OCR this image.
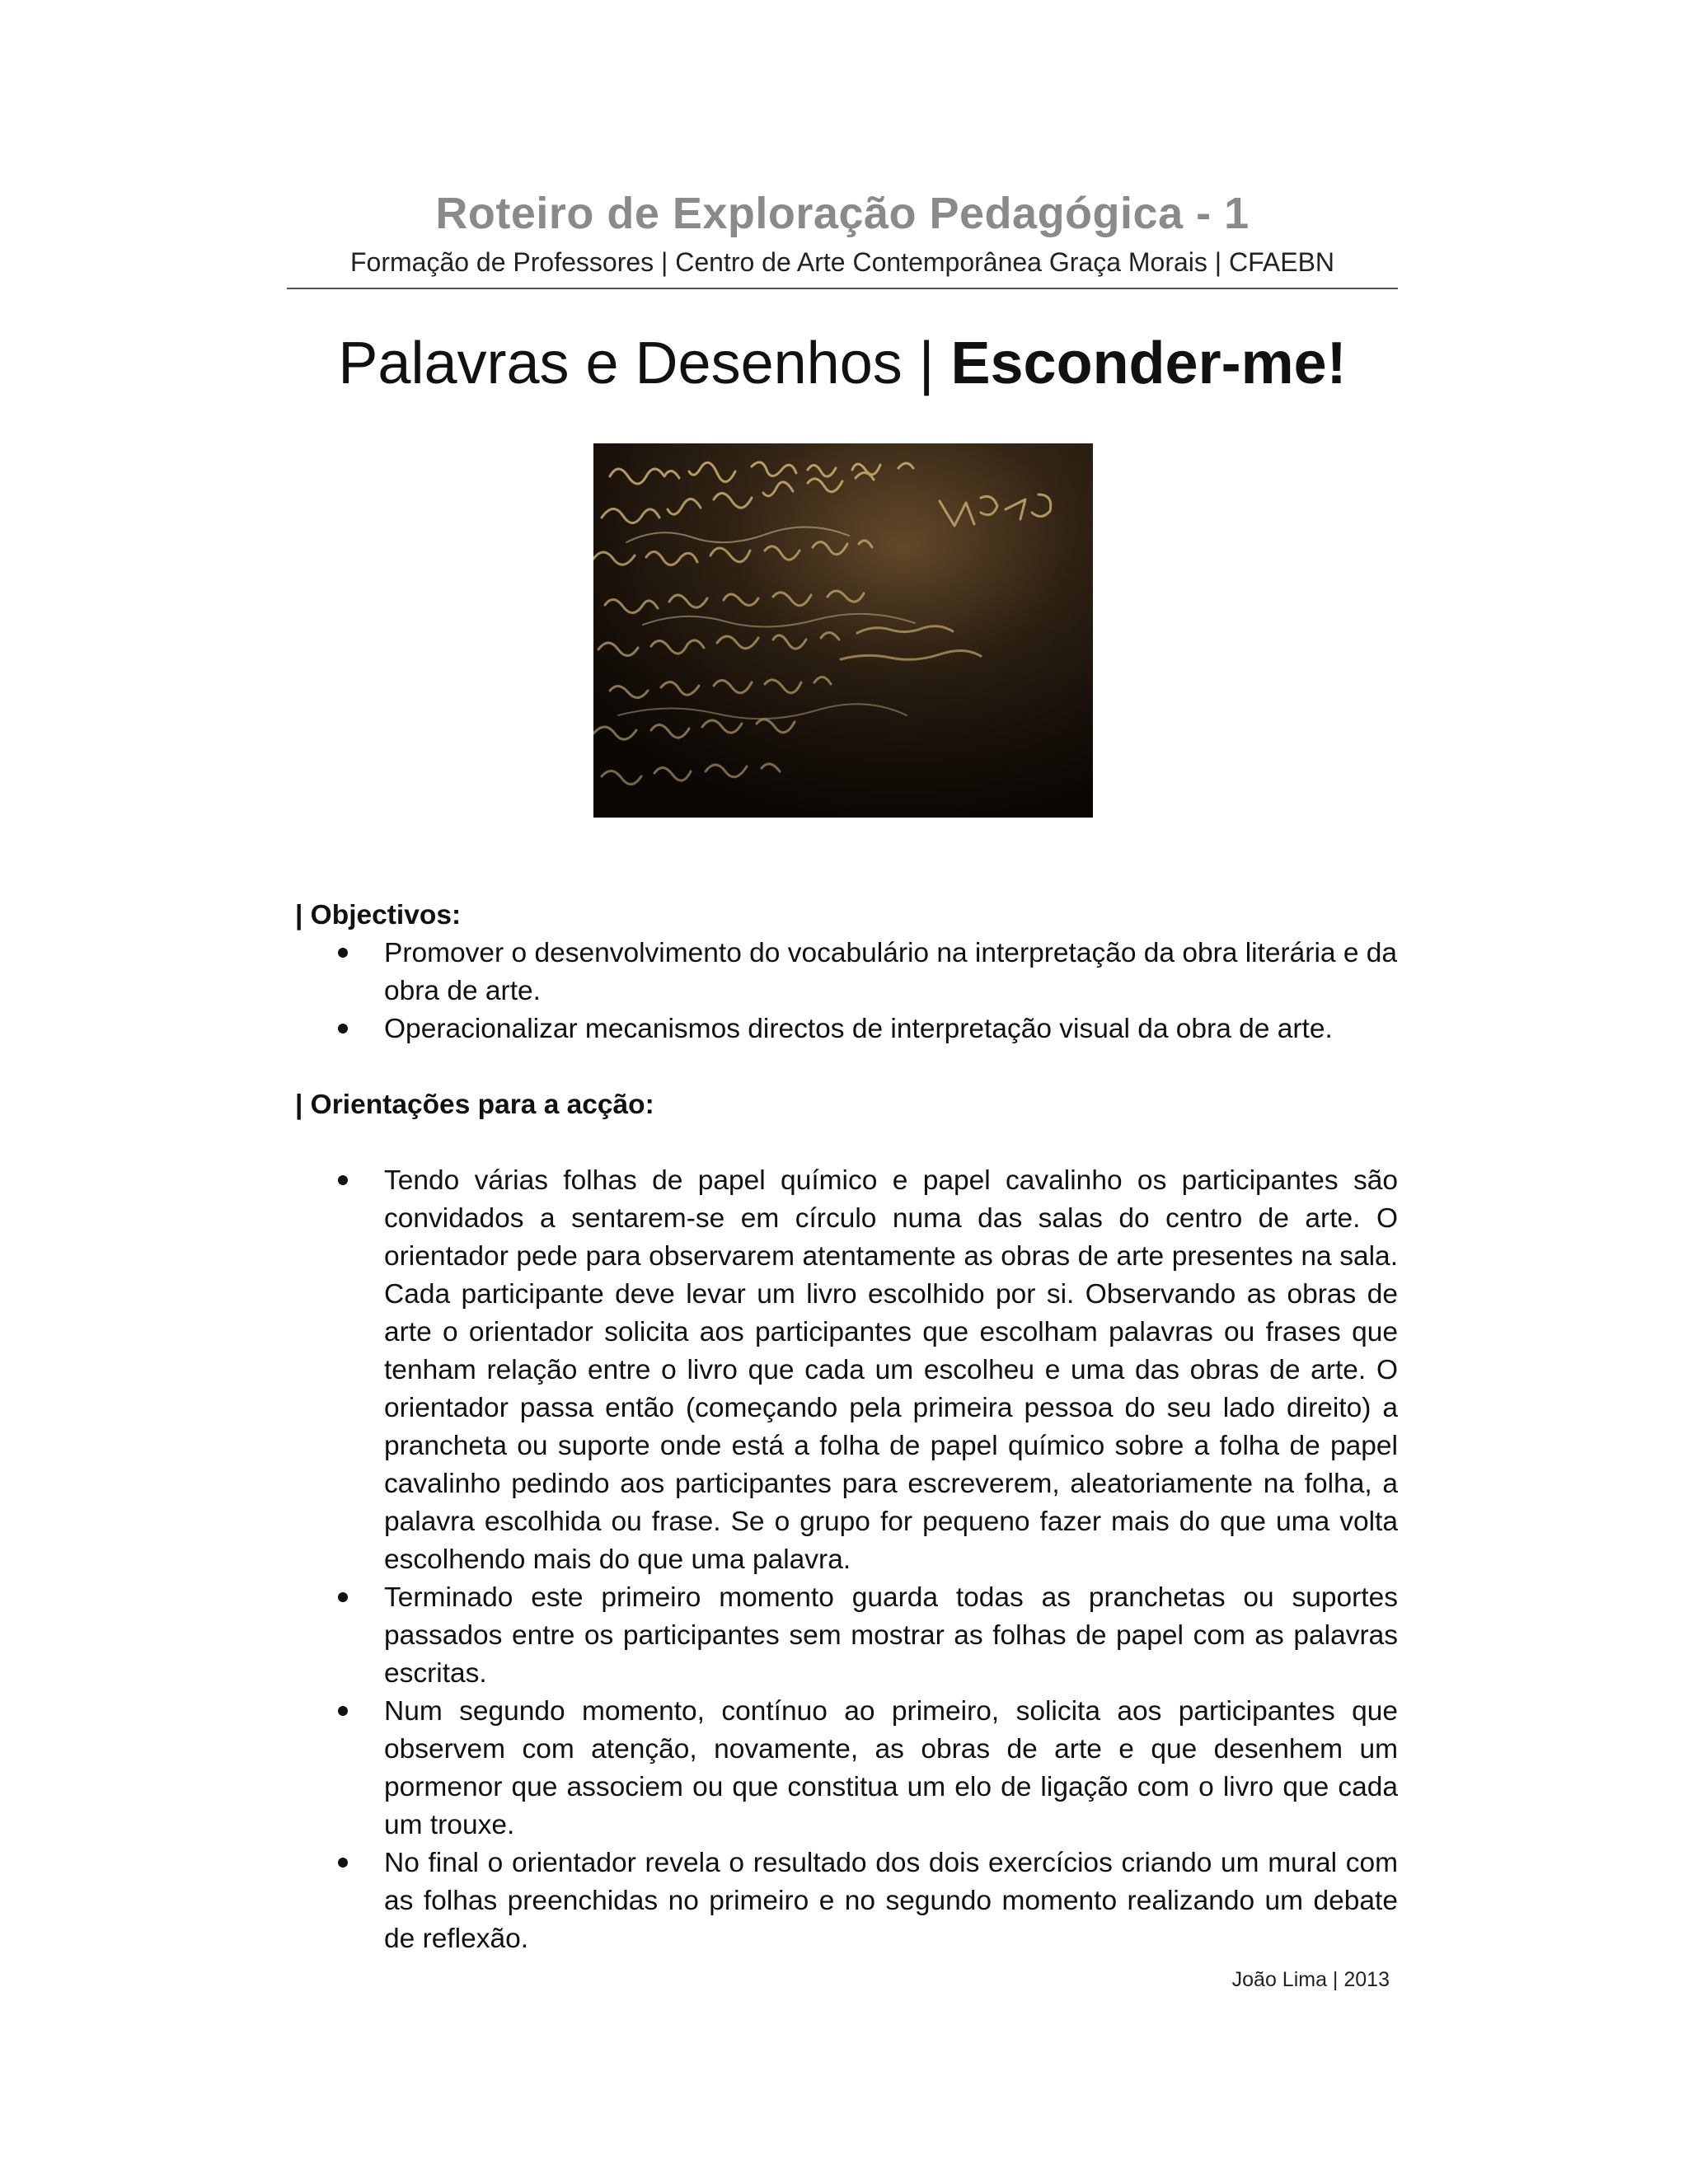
Roteiro de Exploração Pedagógica - 1
Formação de Professores | Centro de Arte Contemporânea Graça Morais | CFAEBN
Palavras e Desenhos | Esconder-me!

| Objectivos:

Promover o desenvolvimento do vocabulário na interpretação da obra literária e da obra de arte.
Operacionalizar mecanismos directos de interpretação visual da obra de arte.

| Orientações para a acção:

Tendo várias folhas de papel químico e papel cavalinho os participantes são convidados a sentarem-se em círculo numa das salas do centro de arte. O orientador pede para observarem atentamente as obras de arte presentes na sala. Cada participante deve levar um livro escolhido por si. Observando as obras de arte o orientador solicita aos participantes que escolham palavras ou frases que tenham relação entre o livro que cada um escolheu e uma das obras de arte. O orientador passa então (começando pela primeira pessoa do seu lado direito) a prancheta ou suporte onde está a folha de papel químico sobre a folha de papel cavalinho pedindo aos participantes para escreverem, aleatoriamente na folha, a palavra escolhida ou frase. Se o grupo for pequeno fazer mais do que uma volta escolhendo mais do que uma palavra.
Terminado este primeiro momento guarda todas as pranchetas ou suportes passados entre os participantes sem mostrar as folhas de papel com as palavras escritas.
Num segundo momento, contínuo ao primeiro, solicita aos participantes que observem com atenção, novamente, as obras de arte e que desenhem um pormenor que associem ou que constitua um elo de ligação com o livro que cada um trouxe.
No final o orientador revela o resultado dos dois exercícios criando um mural com as folhas preenchidas no primeiro e no segundo momento realizando um debate de reflexão.
João Lima | 2013
